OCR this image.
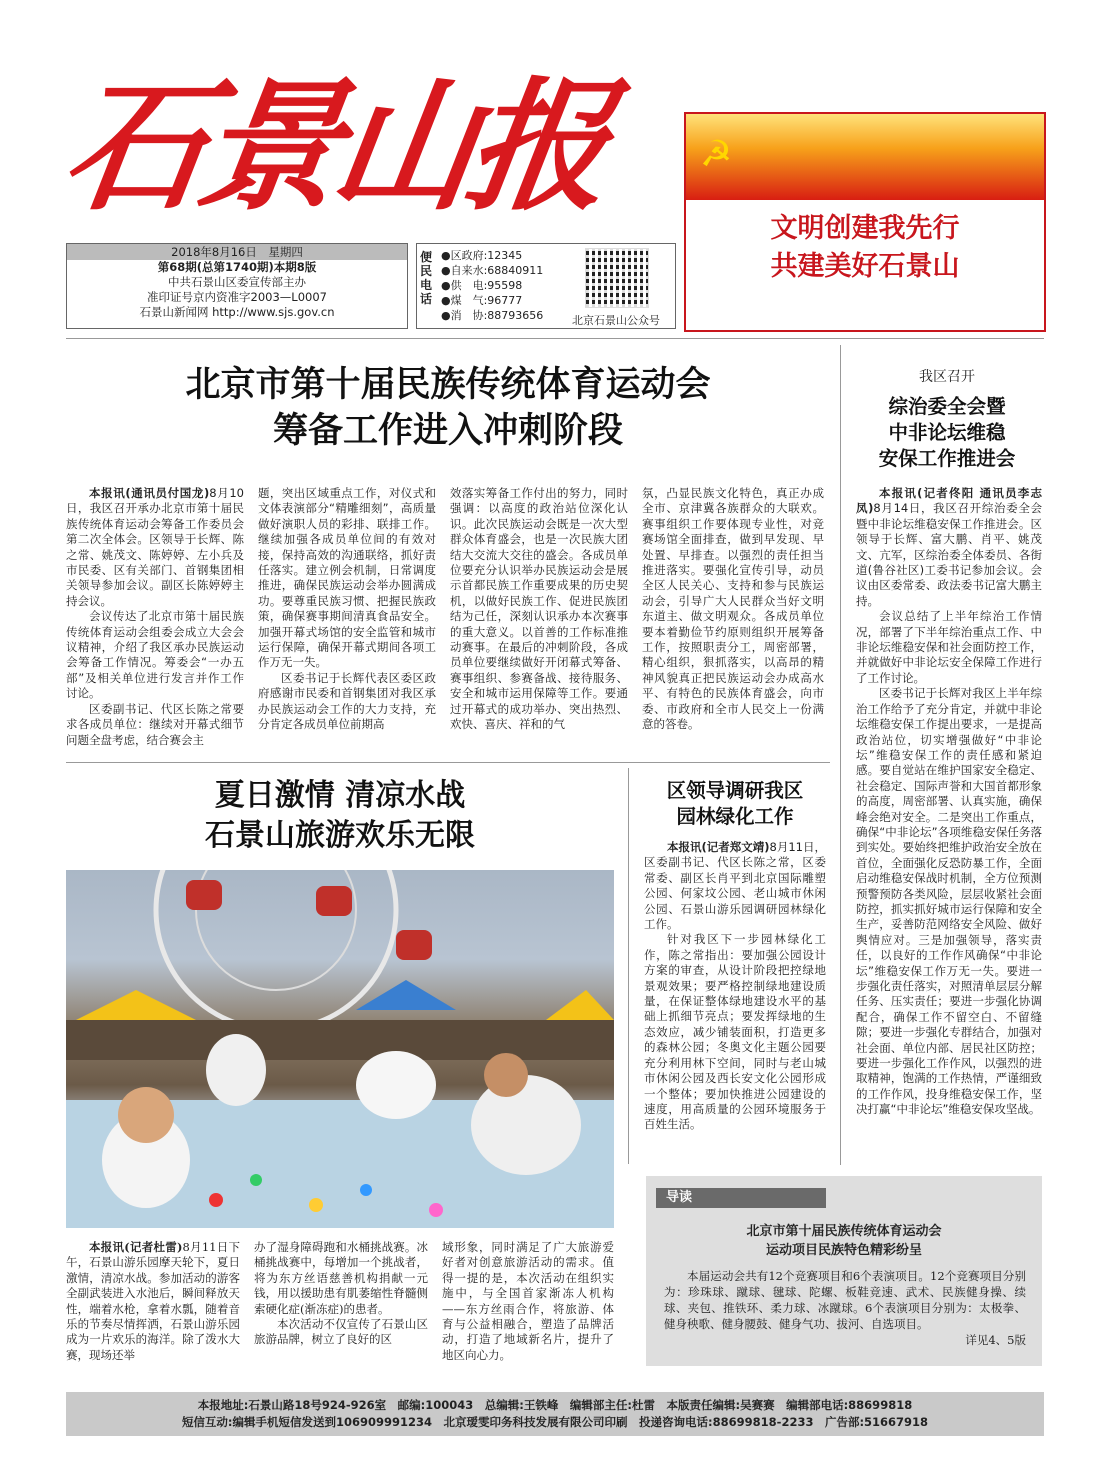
石景山报
2018年8月16日　星期四
第68期(总第1740期)本期8版
中共石景山区委宣传部主办
准印证号京内资准字2003—L0007
石景山新闻网 http://www.sjs.gov.cn
便民电话
●区政府:12345
●自来水:68840911
●供　电:95598
●煤　气:96777
●消　协:88793656	北京石景山公众号
☭
文明创建我先行
共建美好石景山
北京市第十届民族传统体育运动会
筹备工作进入冲刺阶段

本报讯(通讯员付国龙)8月10日，我区召开承办北京市第十届民族传统体育运动会筹备工作委员会第二次全体会。区领导于长辉、陈之常、姚茂文、陈婷婷、左小兵及市民委、区有关部门、首钢集团相关领导参加会议。副区长陈婷婷主持会议。

会议传达了北京市第十届民族传统体育运动会组委会成立大会会议精神，介绍了我区承办民族运动会筹备工作情况。筹委会“一办五部”及相关单位进行发言并作工作讨论。

区委副书记、代区长陈之常要求各成员单位：继续对开幕式细节问题全盘考虑，结合赛会主

题，突出区域重点工作，对仪式和文体表演部分“精雕细刻”，高质量做好演职人员的彩排、联排工作。继续加强各成员单位间的有效对接，保持高效的沟通联络，抓好责任落实。建立例会机制，日常调度推进，确保民族运动会举办圆满成功。要尊重民族习惯、把握民族政策，确保赛事期间清真食品安全。加强开幕式场馆的安全监管和城市运行保障，确保开幕式期间各项工作万无一失。

区委书记于长辉代表区委区政府感谢市民委和首钢集团对我区承办民族运动会工作的大力支持，充分肯定各成员单位前期高

效落实筹备工作付出的努力，同时强调：以高度的政治站位深化认识。此次民族运动会既是一次大型群众体育盛会，也是一次民族大团结大交流大交往的盛会。各成员单位要充分认识举办民族运动会是展示首都民族工作重要成果的历史契机，以做好民族工作、促进民族团结为己任，深刻认识承办本次赛事的重大意义。以首善的工作标准推动赛事。在最后的冲刺阶段，各成员单位要继续做好开闭幕式筹备、赛事组织、参赛备战、接待服务、安全和城市运用保障等工作。要通过开幕式的成功举办、突出热烈、欢快、喜庆、祥和的气

氛，凸显民族文化特色，真正办成全市、京津冀各族群众的大联欢。赛事组织工作要体现专业性，对竞赛场馆全面排查，做到早发现、早处置、早排查。以强烈的责任担当推进落实。要强化宣传引导，动员全区人民关心、支持和参与民族运动会，引导广大人民群众当好文明东道主、做文明观众。各成员单位要本着勤俭节约原则组织开展筹备工作，按照职责分工，周密部署，精心组织，狠抓落实，以高昂的精神风貌真正把民族运动会办成高水平、有特色的民族体育盛会，向市委、市政府和全市人民交上一份满意的答卷。

我区召开
综治委全会暨
中非论坛维稳
安保工作推进会

本报讯(记者佟阳 通讯员李志凤)8月14日，我区召开综治委全会暨中非论坛维稳安保工作推进会。区领导于长辉、富大鹏、肖平、姚茂文、亢军，区综治委全体委员、各街道(鲁谷社区)工委书记参加会议。会议由区委常委、政法委书记富大鹏主持。

会议总结了上半年综治工作情况，部署了下半年综治重点工作、中非论坛维稳安保和社会面防控工作，并就做好中非论坛安全保障工作进行了工作讨论。

区委书记于长辉对我区上半年综治工作给予了充分肯定，并就中非论坛维稳安保工作提出要求，一是提高政治站位，切实增强做好“中非论坛”维稳安保工作的责任感和紧迫感。要自觉站在维护国家安全稳定、社会稳定、国际声誉和大国首都形象的高度，周密部署、认真实施，确保峰会绝对安全。二是突出工作重点，确保“中非论坛”各项维稳安保任务落到实处。要始终把维护政治安全放在首位，全面强化反恐防暴工作，全面启动维稳安保战时机制，全方位预测预警预防各类风险，层层收紧社会面防控，抓实抓好城市运行保障和安全生产，妥善防范网络安全风险、做好舆情应对。三是加强领导，落实责任，以良好的工作作风确保“中非论坛”维稳安保工作万无一失。要进一步强化责任落实，对照清单层层分解任务、压实责任；要进一步强化协调配合，确保工作不留空白、不留缝隙；要进一步强化专群结合，加强对社会面、单位内部、居民社区防控；要进一步强化工作作风，以强烈的进取精神，饱满的工作热情，严谨细致的工作作风，投身维稳安保工作，坚决打赢“中非论坛”维稳安保攻坚战。

夏日激情 清凉水战
石景山旅游欢乐无限

本报讯(记者杜雷)8月11日下午，石景山游乐园摩天轮下，夏日激情，清凉水战。参加活动的游客全副武装进入水池后，瞬间释放天性，端着水枪，拿着水瓢，随着音乐的节奏尽情挥洒，石景山游乐园成为一片欢乐的海洋。除了泼水大赛，现场还举

办了湿身障碍跑和水桶挑战赛。冰桶挑战赛中，每增加一个挑战者，将为东方丝语慈善机构捐献一元钱，用以援助患有肌萎缩性脊髓侧索硬化症(渐冻症)的患者。

本次活动不仅宣传了石景山区旅游品牌，树立了良好的区

域形象，同时满足了广大旅游爱好者对创意旅游活动的需求。值得一提的是，本次活动在组织实施中，与全国首家渐冻人机构——东方丝雨合作，将旅游、体育与公益相融合，塑造了品牌活动，打造了地域新名片，提升了地区向心力。

区领导调研我区
园林绿化工作

本报讯(记者郑文靖)8月11日，区委副书记、代区长陈之常，区委常委、副区长肖平到北京国际雕塑公园、何家坟公园、老山城市休闲公园、石景山游乐园调研园林绿化工作。

针对我区下一步园林绿化工作，陈之常指出：要加强公园设计方案的审查，从设计阶段把控绿地景观效果；要严格控制绿地建设质量，在保证整体绿地建设水平的基础上抓细节亮点；要发挥绿地的生态效应，减少铺装面积，打造更多的森林公园；冬奥文化主题公园要充分利用林下空间，同时与老山城市休闲公园及西长安文化公园形成一个整体；要加快推进公园建设的速度，用高质量的公园环境服务于百姓生活。

导读
北京市第十届民族传统体育运动会
运动项目民族特色精彩纷呈

本届运动会共有12个竞赛项目和6个表演项目。12个竞赛项目分别为：珍珠球、蹴球、毽球、陀螺、板鞋竞速、武术、民族健身操、续球、夹包、推铁环、柔力球、冰蹴球。6个表演项目分别为：太极拳、健身秧歌、健身腰鼓、健身气功、拔河、自选项目。

详见4、5版
本报地址:石景山路18号924-926室　邮编:100043　总编辑:王铁峰　编辑部主任:杜雷　本版责任编辑:吴赛赛　编辑部电话:88699818
短信互动:编辑手机短信发送到106909991234　北京瑷雯印务科技发展有限公司印刷　投递咨询电话:88699818-2233　广告部:51667918
